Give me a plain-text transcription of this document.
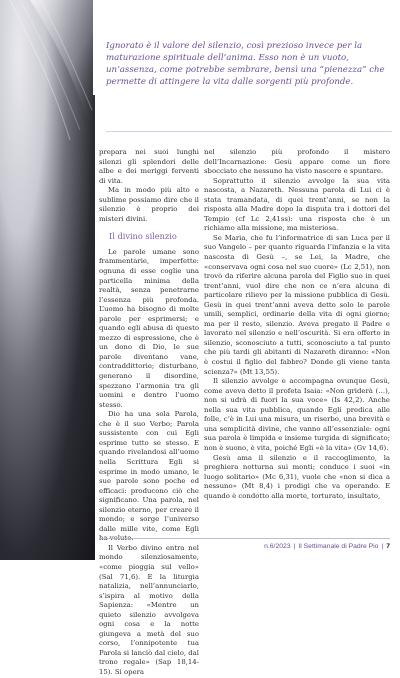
Ignorato è il valore del silenzio, così prezioso invece per la maturazione spirituale dell’anima. Esso non è un vuoto, un’assenza, come potrebbe sembrare, bensì una “pienezza” che permette di attingere la vita dalle sorgenti più profonde.

prepara nei suoi lunghi silenzi gli splendori delle albe e dei meriggi ferventi di vita.

Ma in modo più alto e sublime possiamo dire che il silenzio è proprio dei misteri divini.

Il divino silenzio

Le parole umane sono frammentarie, imperfette: ognuna di esse coglie una particella minima della realtà, senza penetrarne l’essenza più profonda. L’uomo ha bisogno di molte parole per esprimersi; e quando egli abusa di questo mezzo di espressione, che è un dono di Dio, le sue parole diventano vane, contraddittorie; disturbano, generano il disordine, spezzano l’armonia tra gli uomini e dentro l’uomo stesso.

Dio ha una sola Parola, che è il suo Verbo; Parola sussistente con cui Egli esprime tutto se stesso. E quando rivelandosi all’uomo nella Scrittura Egli si esprime in modo umano, le sue parole sono poche ed efficaci: producono ciò che significano. Una parola, nel silenzio eterno, per creare il mondo; e sorge l’universo dalle mille vite, come Egli

Il Verbo divino entra nel mondo silenziosamente, «come pioggia sul vello» (Sal 71,6). E la liturgia natalizia, nell’annunciarlo, s’ispira al motivo della Sapienza: «Mentre un quieto silenzio avvolgeva ogni cosa e la notte giungeva a metà del suo corso, l’onnipotente tua Parola si lanciò dal cielo, dal trono regale» (Sap 18,14-15). Si opera

nel silenzio più profondo il mistero dell’Incarnazione: Gesù appare come un fiore sbocciato che nessuno ha visto nascere e spuntare.

Soprattutto il silenzio avvolge la sua vita nascosta, a Nazareth. Nessuna parola di Lui ci è stata tramandata, di quei trent’anni, se non la risposta alla Madre dopo la disputa tra i dottori del Tempio (cf Lc 2,41ss): una risposta che è un richiamo alla missione, ma misteriosa.

Se Maria, che fu l’informatrice di san Luca per il suo Vangelo – per quanto riguarda l’infanzia e la vita nascosta di Gesù –, se Lei, la Madre, che «conservava ogni cosa nel suo cuore» (Lc 2,51), non trovò da riferire alcuna parola del Figlio suo in quei trent’anni, vuol dire che non ce n’era alcuna di particolare rilievo per la missione pubblica di Gesù. Gesù in quei trent’anni aveva detto solo le parole umili, semplici, ordinarie della vita di ogni giorno; ma per il resto, silenzio. Aveva pregato il Padre e lavorato nel silenzio e nell’oscurità. Si era offerto in silenzio, sconosciuto a tutti, sconosciuto a tal punto che più tardi gli abitanti di Nazareth diranno: «Non è costui il figlio del fabbro? Donde gli viene tanta scienza?» (Mt 13,55).

Il silenzio avvolge e accompagna ovunque Gesù, come aveva detto il profeta Isaia: «Non griderà (…), non si udrà di fuori la sua voce» (Is 42,2). Anche nella sua vita pubblica, quando Egli predica alle folle, c’è in Lui una misura, un riserbo, una brevità e una semplicità divine, che vanno all’essenziale: ogni sua parola è limpida e insieme turgida di significato; non è suono, è vita, poiché Egli «è la vita» (Gv 14,6).

Gesù ama il silenzio e il raccoglimento, la preghiera notturna sui monti; conduce i suoi «in luogo solitario» (Mc 6,31), vuole che «non si dica a nessuno» (Mt 8,4) i prodigi che va operando. E quando è condotto alla morte, torturato, insultato,

n.6/2023 | Il Settimanale di Padre Pio | 7
